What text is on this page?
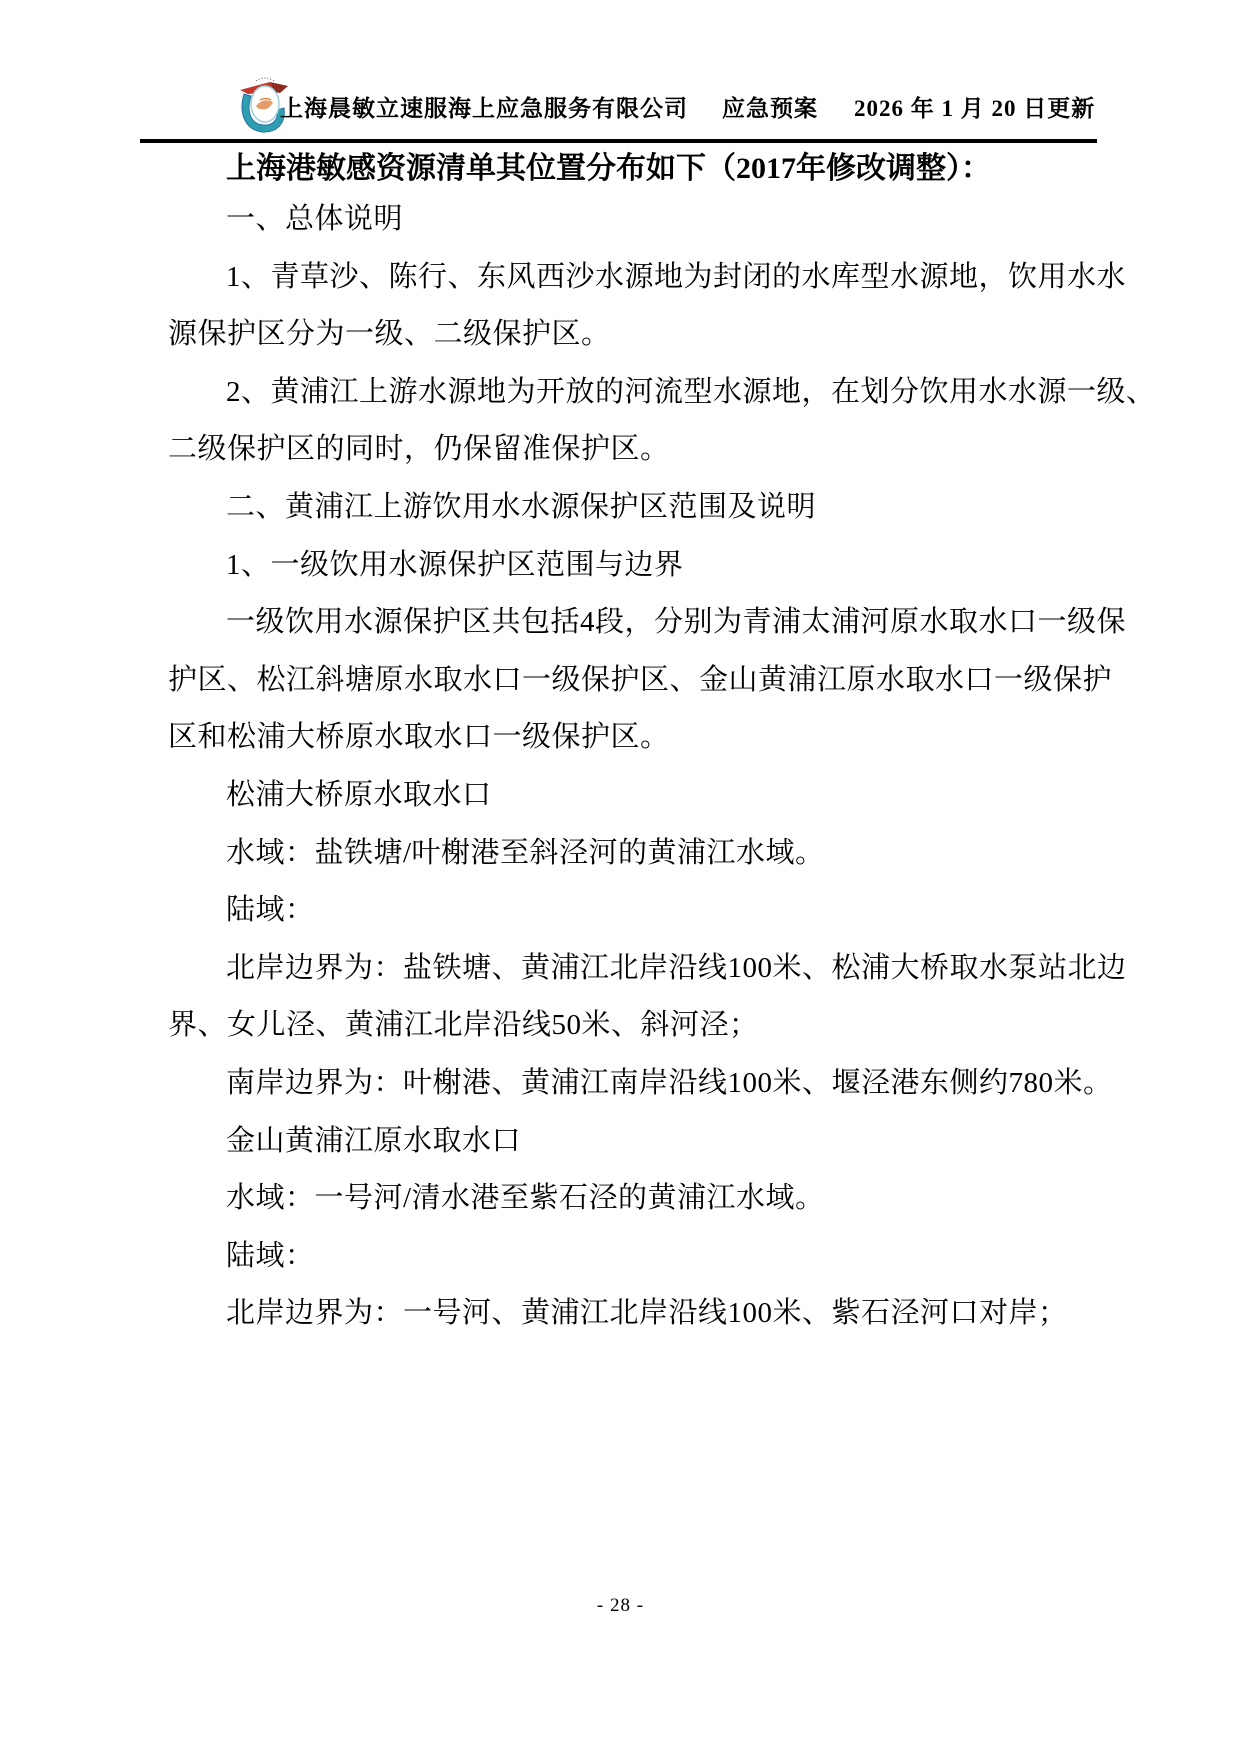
上海晨敏立速服海上应急服务有限公司 应急预案 2026 年 1 月 20 日更新
上海港敏感资源清单其位置分布如下（2017年修改调整）：
一、总体说明
1、青草沙、陈行、东风西沙水源地为封闭的水库型水源地，饮用水水
源保护区分为一级、二级保护区。
2、黄浦江上游水源地为开放的河流型水源地，在划分饮用水水源一级、
二级保护区的同时，仍保留准保护区。
二、黄浦江上游饮用水水源保护区范围及说明
1、一级饮用水源保护区范围与边界
一级饮用水源保护区共包括4段，分别为青浦太浦河原水取水口一级保
护区、松江斜塘原水取水口一级保护区、金山黄浦江原水取水口一级保护
区和松浦大桥原水取水口一级保护区。
松浦大桥原水取水口
水域：盐铁塘/叶榭港至斜泾河的黄浦江水域。
陆域：
北岸边界为：盐铁塘、黄浦江北岸沿线100米、松浦大桥取水泵站北边
界、女儿泾、黄浦江北岸沿线50米、斜河泾；
南岸边界为：叶榭港、黄浦江南岸沿线100米、堰泾港东侧约780米。
金山黄浦江原水取水口
水域：一号河/清水港至紫石泾的黄浦江水域。
陆域：
北岸边界为：一号河、黄浦江北岸沿线100米、紫石泾河口对岸；
- 28 -
